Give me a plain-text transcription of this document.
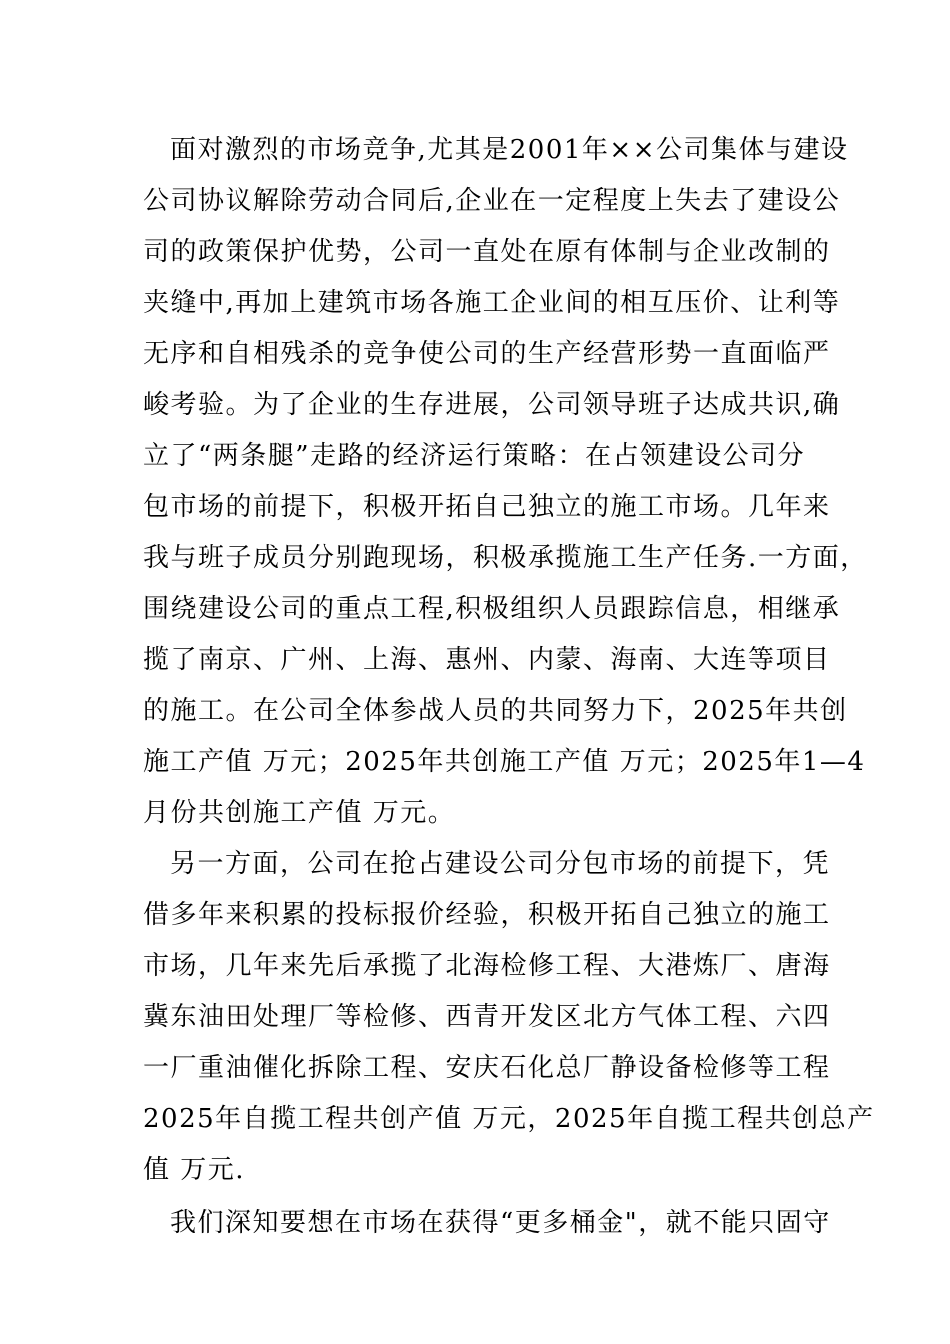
面对激烈的市场竞争,尤其是2001年××公司集体与建设
公司协议解除劳动合同后,企业在一定程度上失去了建设公
司的政策保护优势，公司一直处在原有体制与企业改制的
夹缝中,再加上建筑市场各施工企业间的相互压价、让利等
无序和自相残杀的竞争使公司的生产经营形势一直面临严
峻考验。为了企业的生存进展，公司领导班子达成共识,确
立了“两条腿”走路的经济运行策略：在占领建设公司分
包市场的前提下，积极开拓自己独立的施工市场。几年来
我与班子成员分别跑现场，积极承揽施工生产任务.一方面，
围绕建设公司的重点工程,积极组织人员跟踪信息，相继承
揽了南京、广州、上海、惠州、内蒙、海南、大连等项目
的施工。在公司全体参战人员的共同努力下，2025年共创
施工产值 万元；2025年共创施工产值 万元；2025年1—4
月份共创施工产值 万元。
另一方面，公司在抢占建设公司分包市场的前提下，凭
借多年来积累的投标报价经验，积极开拓自己独立的施工
市场，几年来先后承揽了北海检修工程、大港炼厂、唐海
冀东油田处理厂等检修、西青开发区北方气体工程、六四
一厂重油催化拆除工程、安庆石化总厂静设备检修等工程
2025年自揽工程共创产值 万元，2025年自揽工程共创总产
值 万元.
我们深知要想在市场在获得“更多桶金"，就不能只固守
